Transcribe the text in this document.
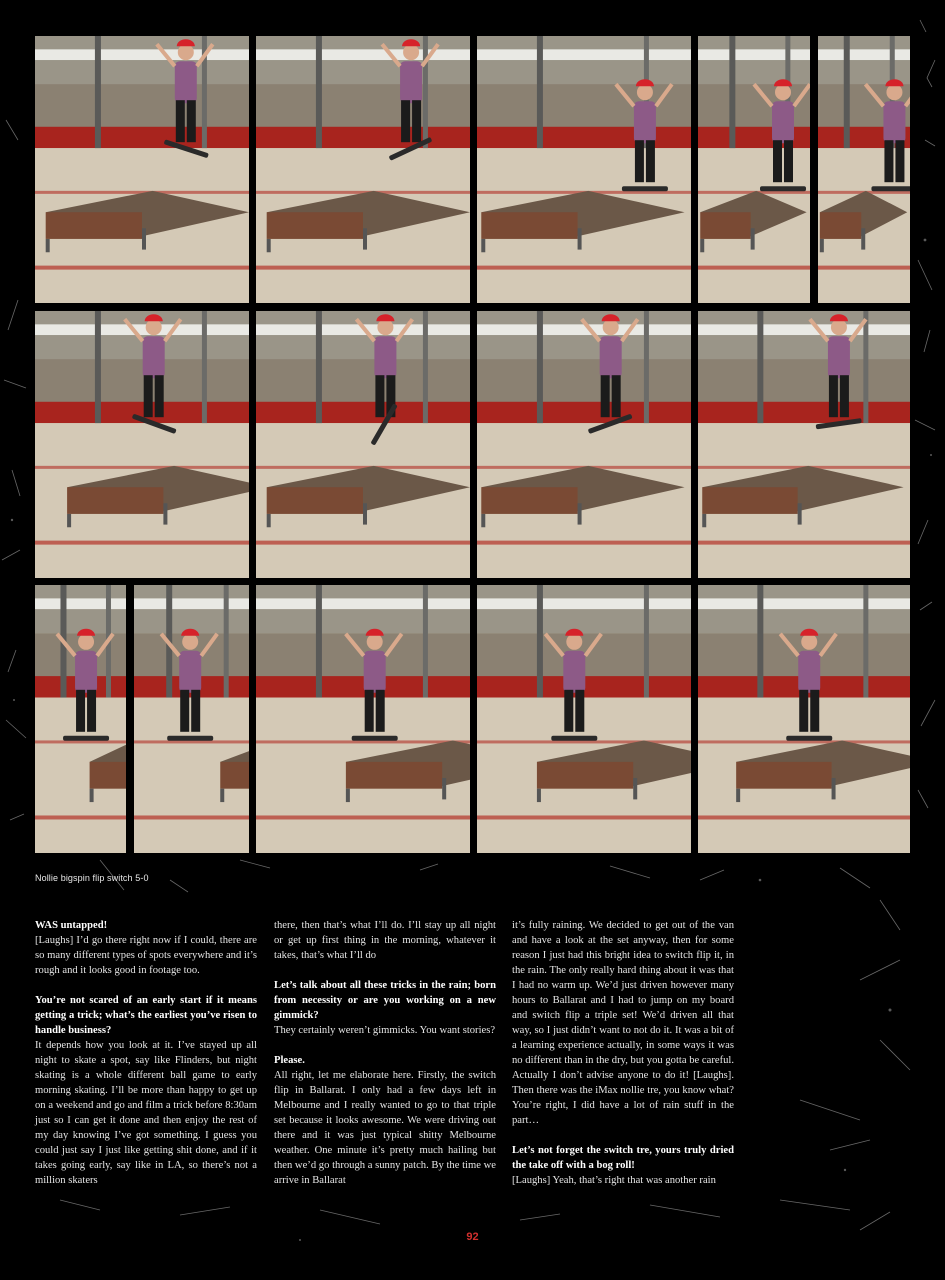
Nollie bigspin flip switch 5-0

WAS untapped!

[Laughs] I’d go there right now if I could, there are so many different types of spots everywhere and it’s rough and it looks good in footage too.

You’re not scared of an early start if it means getting a trick; what’s the earliest you’ve risen to handle business?

It depends how you look at it. I’ve stayed up all night to skate a spot, say like Flinders, but night skating is a whole different ball game to early morning skating. I’ll be more than happy to get up on a weekend and go and film a trick before 8:30am just so I can get it done and then enjoy the rest of my day knowing I’ve got something. I guess you could just say I just like getting shit done, and if it takes going early, say like in LA, so there’s not a million skaters

there, then that’s what I’ll do. I’ll stay up all night or get up first thing in the morning, whatever it takes, that’s what I’ll do

Let’s talk about all these tricks in the rain; born from necessity or are you working on a new gimmick?

They certainly weren’t gimmicks. You want stories?

Please.

All right, let me elaborate here. Firstly, the switch flip in Ballarat. I only had a few days left in Melbourne and I really wanted to go to that triple set because it looks awesome. We were driving out there and it was just typical shitty Melbourne weather. One minute it’s pretty much hailing but then we’d go through a sunny patch. By the time we arrive in Ballarat

it’s fully raining. We decided to get out of the van and have a look at the set anyway, then for some reason I just had this bright idea to switch flip it, in the rain. The only really hard thing about it was that I had no warm up. We’d just driven however many hours to Ballarat and I had to jump on my board and switch flip a triple set! We’d driven all that way, so I just didn’t want to not do it. It was a bit of a learning experience actually, in some ways it was no different than in the dry, but you gotta be careful. Actually I don’t advise anyone to do it! [Laughs]. Then there was the iMax nollie tre, you know what? You’re right, I did have a lot of rain stuff in the part…

Let’s not forget the switch tre, yours truly dried the take off with a bog roll!

[Laughs] Yeah, that’s right that was another rain

92
